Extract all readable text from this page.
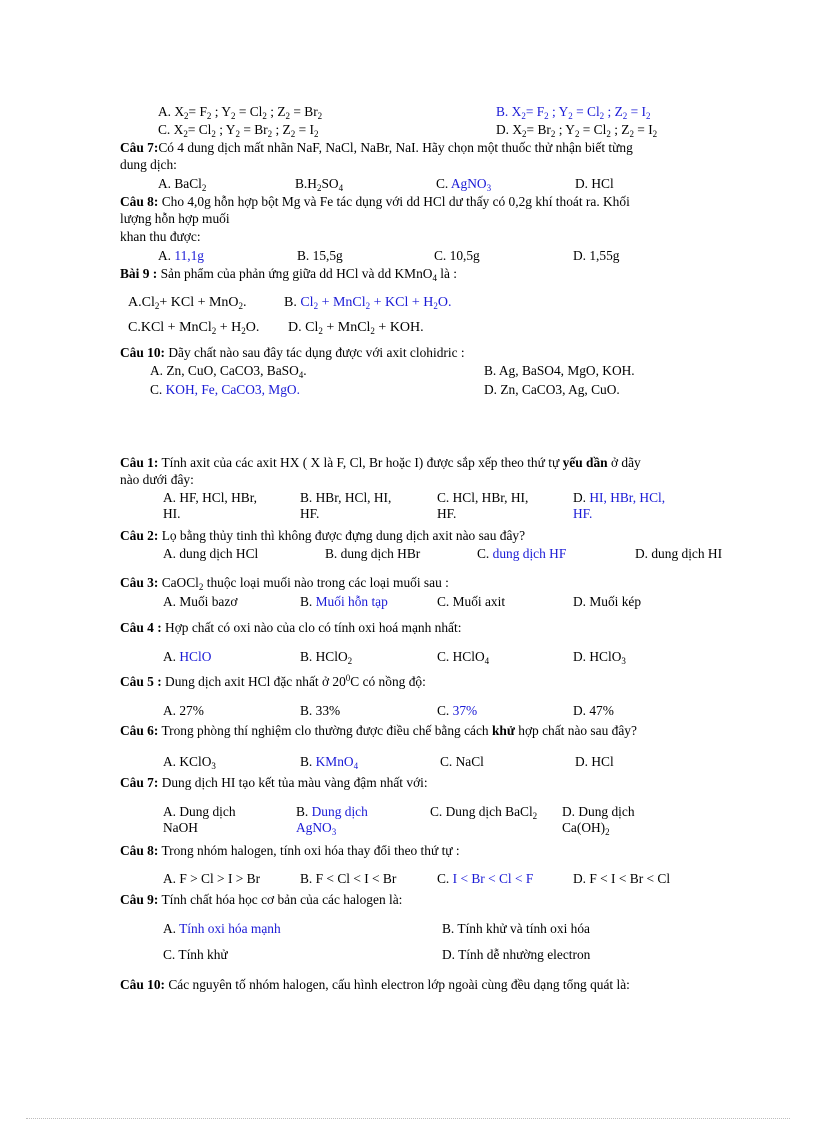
A. $X_2= F_2$ ; $Y_2 = Cl_2$ ; $Z_2 = Br_2$	B. $X_2= F_2$ ; $Y_2 = Cl_2$ ; $Z_2 = I_2$
C. $X_2= Cl_2$ ; $Y_2 = Br_2$ ; $Z_2 = I_2$	D. $X_2= Br_2$ ; $Y_2 = Cl_2$ ; $Z_2 = I_2$
Câu 7:Có 4 dung dịch mất nhãn NaF, NaCl, NaBr, NaI. Hãy chọn một thuốc thử nhận biết từng
dung dịch:
A. BaCl$_2$	$B.H_2SO_4$	C. AgNO$_3$	D. HCl
Câu 8: Cho 4,0g hỗn hợp bột Mg và Fe tác dụng với dd HCl dư thấy có 0,2g khí thoát ra. Khối
lượng hỗn hợp muối
khan thu được:
A. 11,1g	B. 15,5g	C. 10,5g	D. 1,55g
Bài 9 : Sản phẩm của phản ứng giữa dd HCl và dd KMnO$_4$ là :
$A.Cl_2+$ KCl + MnO$_2$.	B. $Cl_2$ + MnCl$_2$ + KCl + $H_2O$.
C.KCl + MnCl$_2$ + $H_2O$. D. $Cl_2$ + MnCl$_2$ + KOH.
Câu 10: Dãy chất nào sau đây tác dụng được với axit clohidric :
A. Zn, CuO, CaCO3, BaSO$_4$.	B. Ag, BaSO4, MgO, KOH.
C. KOH, Fe, CaCO3, MgO.	D. Zn, CaCO3, Ag, CuO.
Câu 1: Tính axit của các axit HX ( X là F, Cl, Br hoặc I) được sắp xếp theo thứ tự yếu dần ở dãy
nào dưới đây:
A. HF, HCl, HBr,
HI.
B. HBr, HCl, HI,
HF.
C. HCl, HBr, HI,
HF.
D. HI, HBr, HCl,
HF.
Câu 2: Lọ bằng thủy tinh thì không được đựng dung dịch axit nào sau đây?
A. dung dịch HCl	B. dung dịch HBr	C. dung dịch HF	D. dung dịch HI
Câu 3: CaOCl$_2$ thuộc loại muối nào trong các loại muối sau :
A. Muối bazơ	B. Muối hỗn tạp	C. Muối axit	D. Muối kép
Câu 4 : Hợp chất có oxi nào của clo có tính oxi hoá mạnh nhất:
A. HClO	B. HClO$_2$	C. HClO$_4$	D. HClO$_3$
Câu 5 : Dung dịch axit HCl đặc nhất ở $20^0C$ có nồng độ:
A. 27%	B. 33%	C. 37%	D. 47%
Câu 6: Trong phòng thí nghiệm clo thường được điều chế bằng cách khử hợp chất nào sau đây?
A. KClO$_3$	B. KMnO$_4$	C. NaCl	D. HCl
Câu 7: Dung dịch HI tạo kết tủa màu vàng đậm nhất với:
A. Dung dịch
NaOH
B. Dung dịch
AgNO$_3$
C. Dung dịch BaCl$_2$ D. Dung dịch
$Ca(OH)_2$
Câu 8: Trong nhóm halogen, tính oxi hóa thay đổi theo thứ tự :
A. F > Cl > I > Br	B. F < Cl < I < Br	C. I < Br < Cl < F	D. F < I < Br < Cl
Câu 9: Tính chất hóa học cơ bản của các halogen là:
A. Tính oxi hóa mạnh	B. Tính khử và tính oxi hóa
C. Tính khử	D. Tính dễ nhường electron
Câu 10: Các nguyên tố nhóm halogen, cấu hình electron lớp ngoài cùng đều dạng tổng quát là:
